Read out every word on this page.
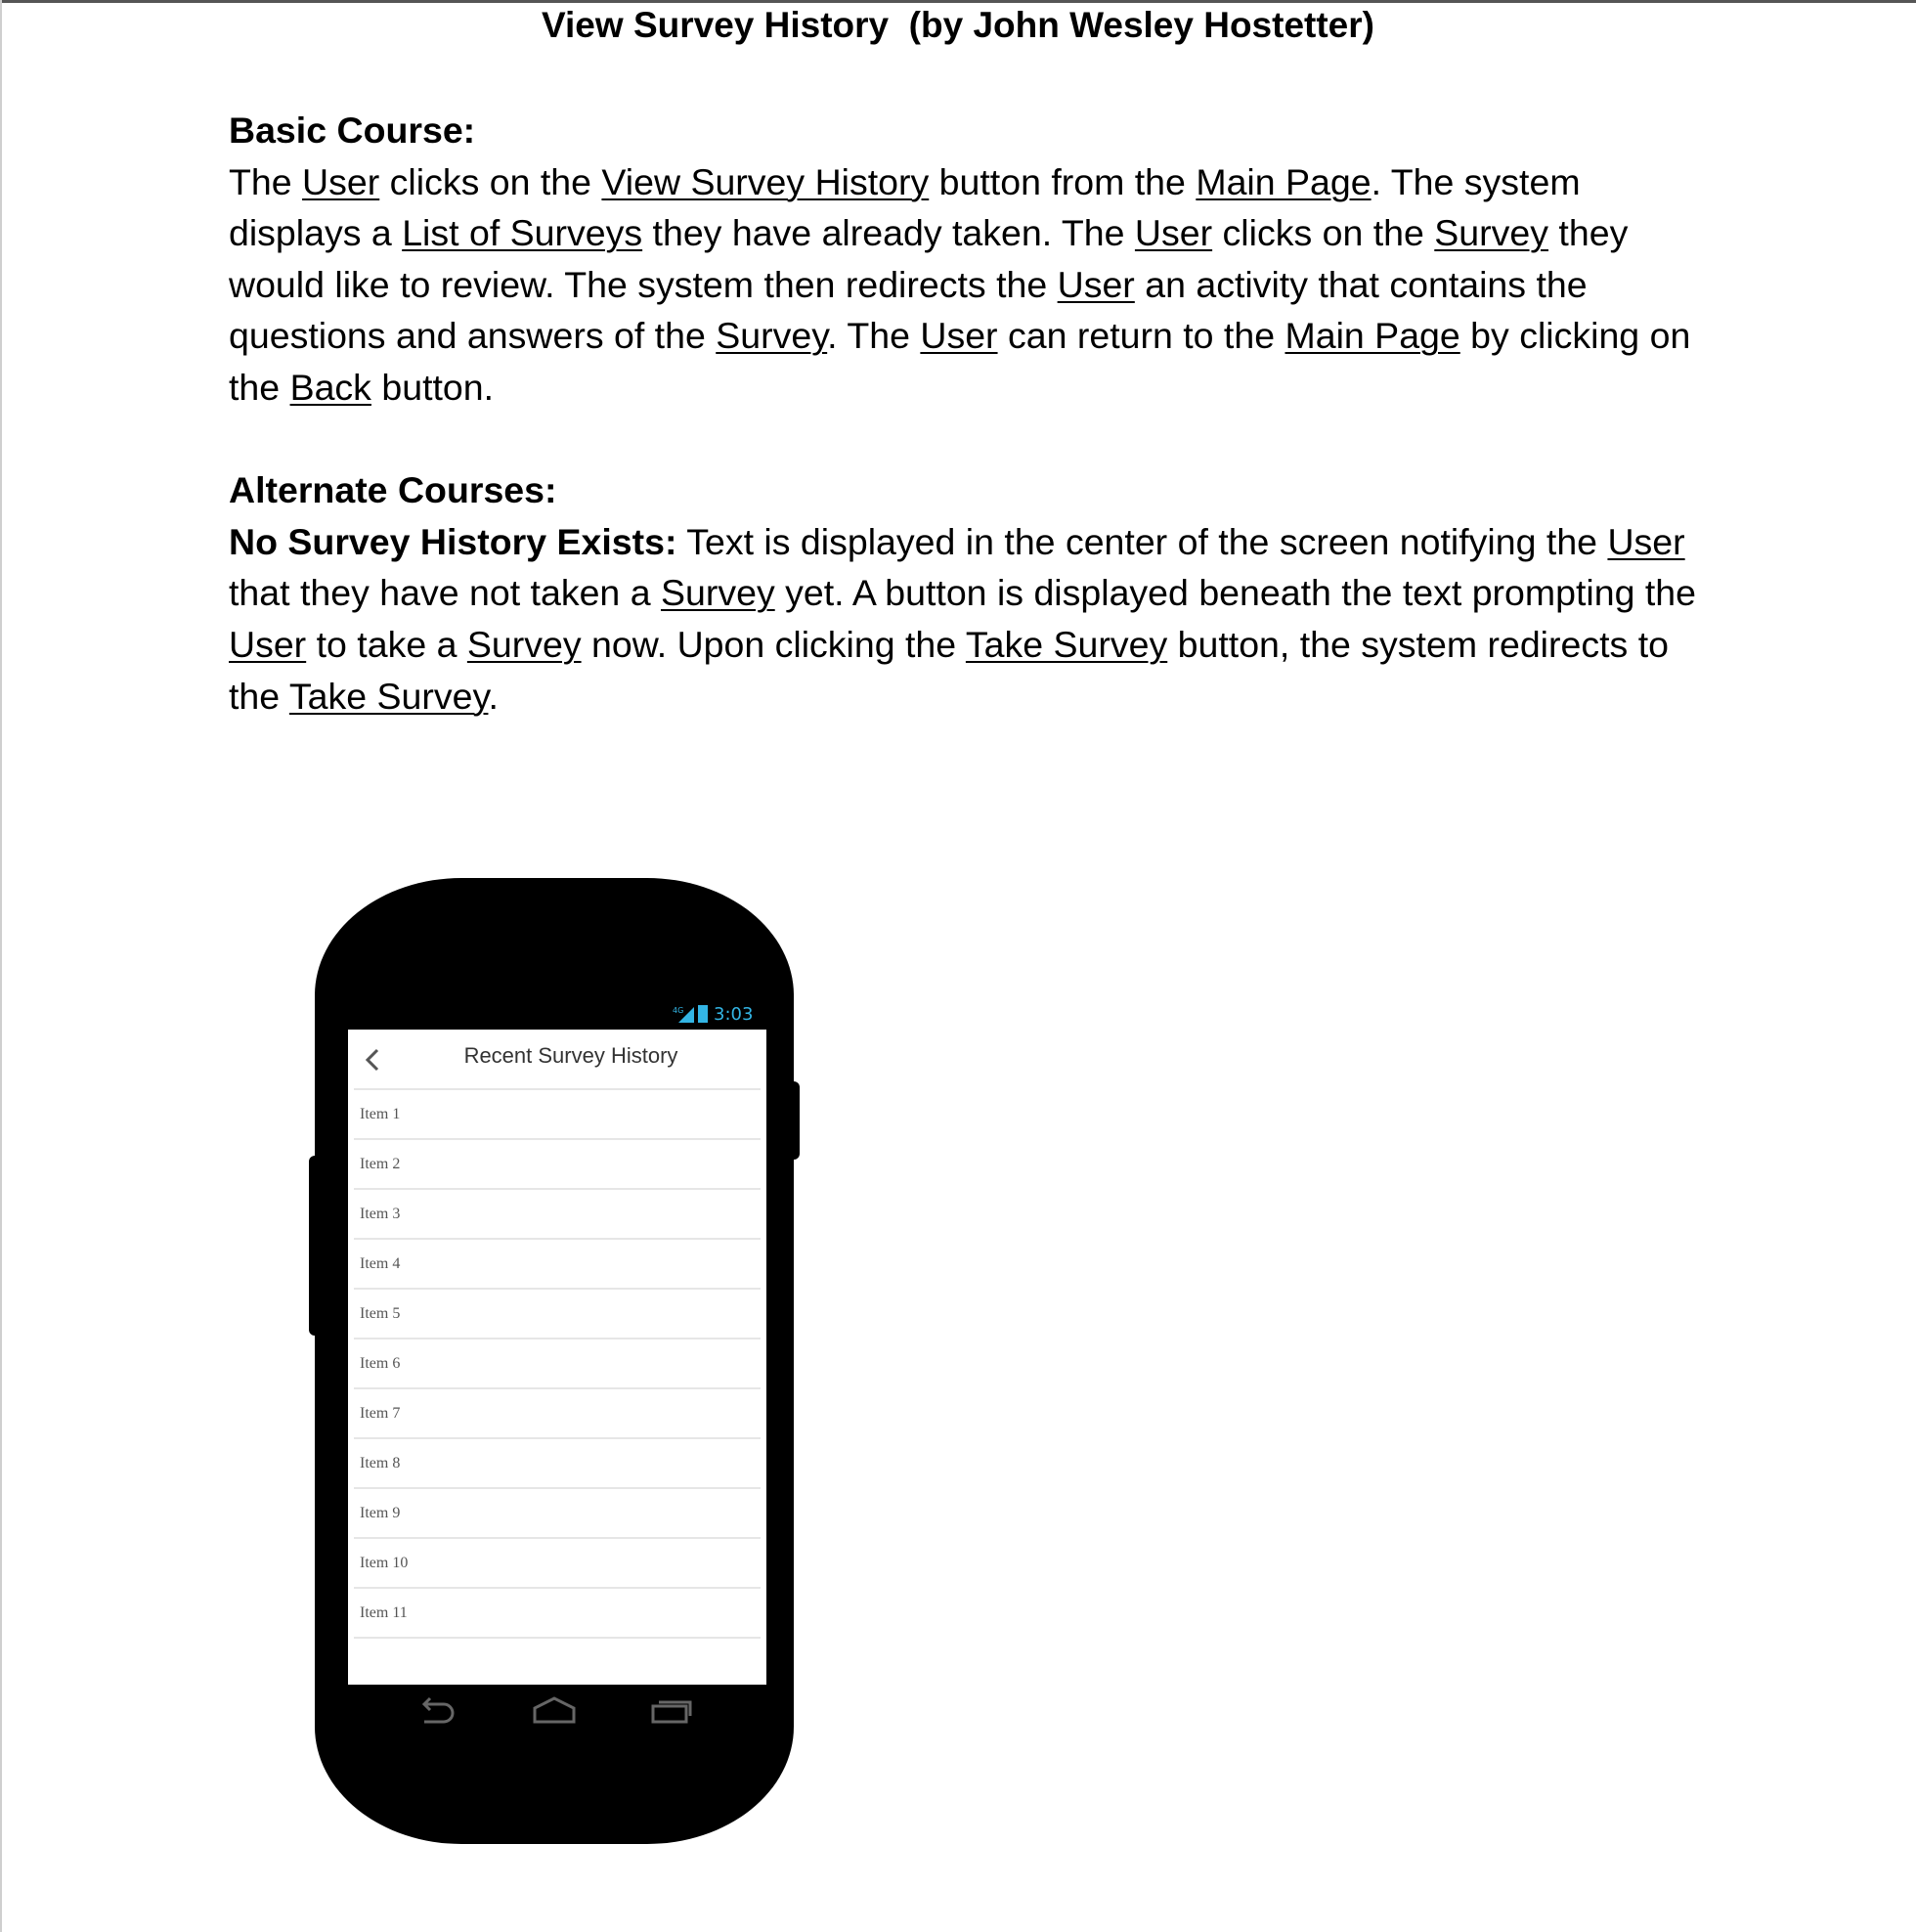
View Survey History  (by John Wesley Hostetter)

Basic Course:

The User clicks on the View Survey History button from the Main Page. The system displays a List of Surveys they have already taken. The User clicks on the Survey they would like to review. The system then redirects the User an activity that contains the questions and answers of the Survey. The User can return to the Main Page by clicking on the Back button.

Alternate Courses:

No Survey History Exists: Text is displayed in the center of the screen notifying the User that they have not taken a Survey yet. A button is displayed beneath the text prompting the User to take a Survey now. Upon clicking the Take Survey button, the system redirects to the Take Survey.

4G 3:03
Recent Survey History
Item 1
Item 2
Item 3
Item 4
Item 5
Item 6
Item 7
Item 8
Item 9
Item 10
Item 11
